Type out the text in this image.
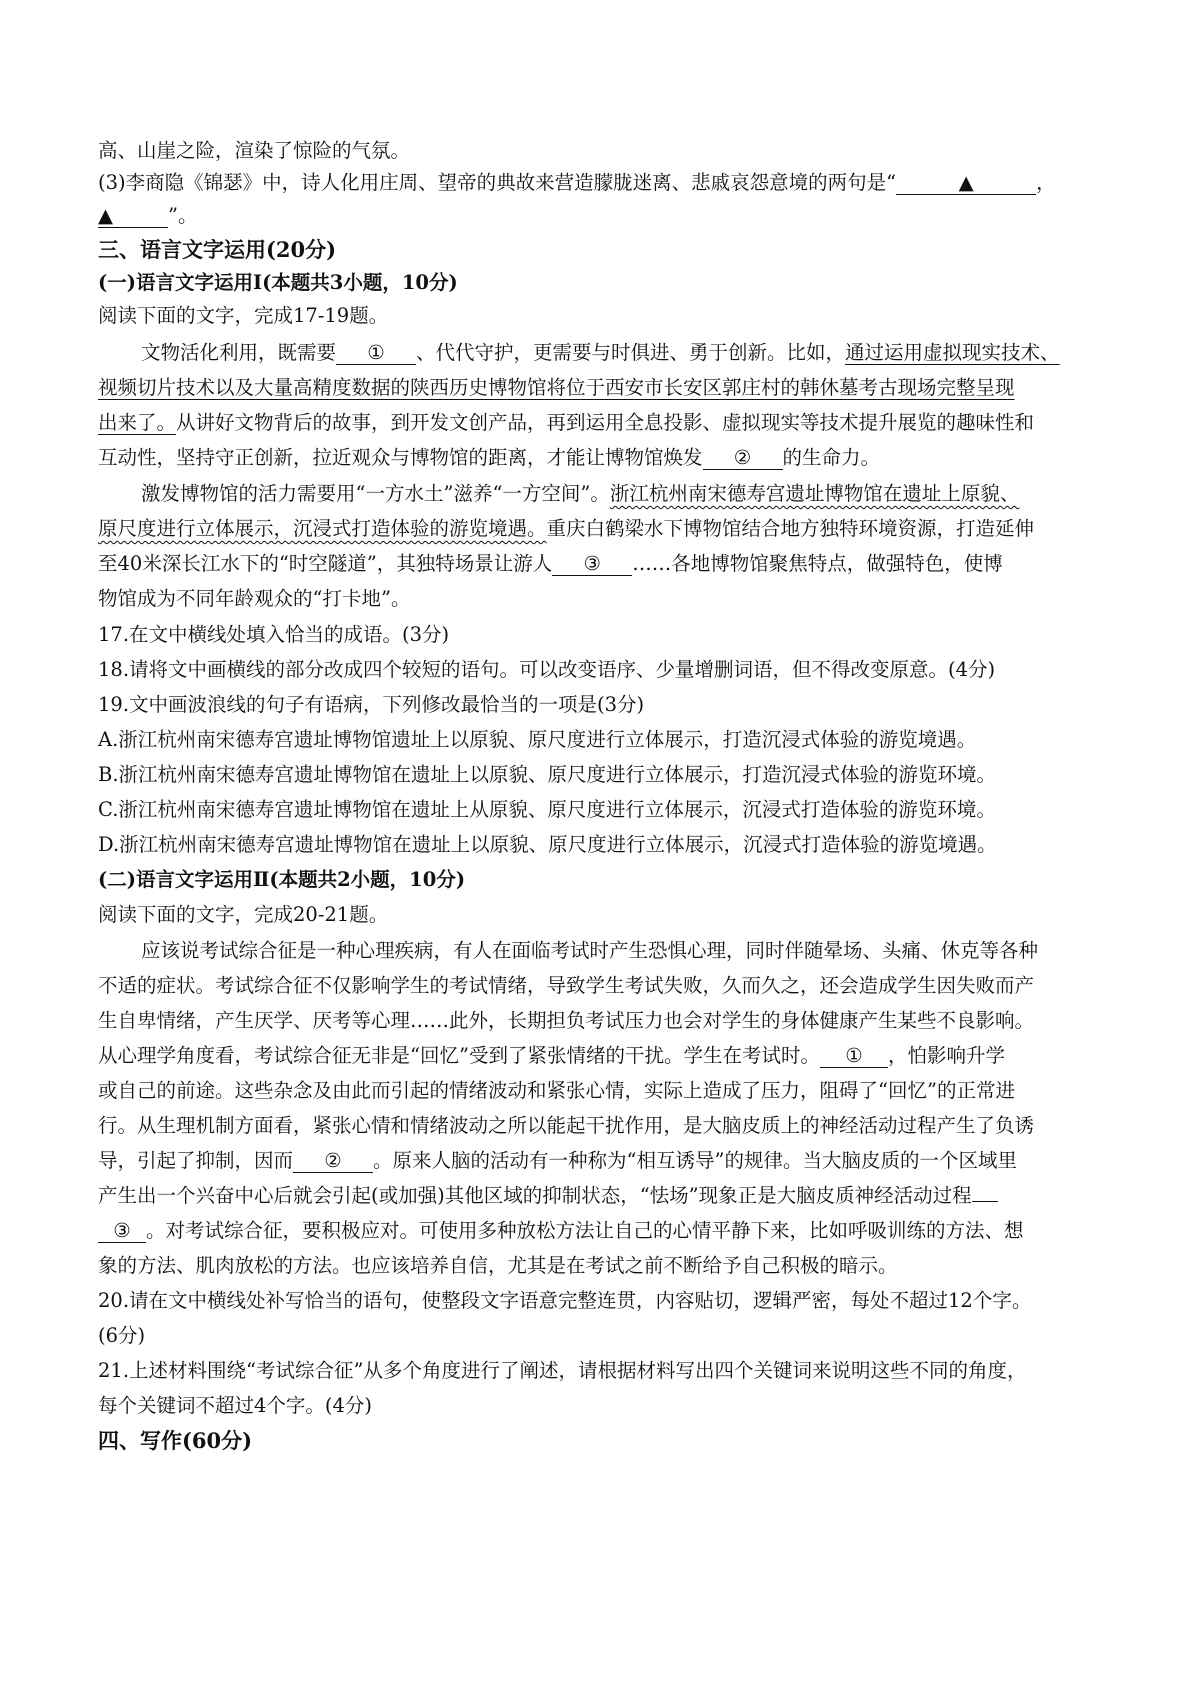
高、山崖之险，渲染了惊险的气氛。
(3)李商隐《锦瑟》中，诗人化用庄周、望帝的典故来营造朦胧迷离、悲戚哀怨意境的两句是“	▲	，
▲	”。
三、语言文字运用(20分)
(一)语言文字运用Ⅰ(本题共3小题，10分)
阅读下面的文字，完成17-19题。
文物活化利用，既需要 ① 、代代守护，更需要与时俱进、勇于创新。比如，通过运用虚拟现实技术、
视频切片技术以及大量高精度数据的陕西历史博物馆将位于西安市长安区郭庄村的韩休墓考古现场完整呈现
出来了。从讲好文物背后的故事，到开发文创产品，再到运用全息投影、虚拟现实等技术提升展览的趣味性和
互动性，坚持守正创新，拉近观众与博物馆的距离，才能让博物馆焕发 ② 的生命力。
激发博物馆的活力需要用“一方水土”滋养“一方空间”。浙江杭州南宋德寿宫遗址博物馆在遗址上原貌、
原尺度进行立体展示，沉浸式打造体验的游览境遇。重庆白鹤梁水下博物馆结合地方独特环境资源，打造延伸
至40米深长江水下的“时空隧道”，其独特场景让游人 ③ ……各地博物馆聚焦特点，做强特色，使博
物馆成为不同年龄观众的“打卡地”。
17.在文中横线处填入恰当的成语。(3分)
18.请将文中画横线的部分改成四个较短的语句。可以改变语序、少量增删词语，但不得改变原意。(4分)
19.文中画波浪线的句子有语病，下列修改最恰当的一项是(3分)
A.浙江杭州南宋德寿宫遗址博物馆遗址上以原貌、原尺度进行立体展示，打造沉浸式体验的游览境遇。
B.浙江杭州南宋德寿宫遗址博物馆在遗址上以原貌、原尺度进行立体展示，打造沉浸式体验的游览环境。
C.浙江杭州南宋德寿宫遗址博物馆在遗址上从原貌、原尺度进行立体展示，沉浸式打造体验的游览环境。
D.浙江杭州南宋德寿宫遗址博物馆在遗址上以原貌、原尺度进行立体展示，沉浸式打造体验的游览境遇。
(二)语言文字运用Ⅱ(本题共2小题，10分)
阅读下面的文字，完成20-21题。
应该说考试综合征是一种心理疾病，有人在面临考试时产生恐惧心理，同时伴随晕场、头痛、休克等各种
不适的症状。考试综合征不仅影响学生的考试情绪，导致学生考试失败，久而久之，还会造成学生因失败而产
生自卑情绪，产生厌学、厌考等心理……此外，长期担负考试压力也会对学生的身体健康产生某些不良影响。
从心理学角度看，考试综合征无非是“回忆”受到了紧张情绪的干扰。学生在考试时。 ① ，怕影响升学
或自己的前途。这些杂念及由此而引起的情绪波动和紧张心情，实际上造成了压力，阻碍了“回忆”的正常进
行。从生理机制方面看，紧张心情和情绪波动之所以能起干扰作用，是大脑皮质上的神经活动过程产生了负诱
导，引起了抑制，因而 ② 。原来人脑的活动有一种称为“相互诱导”的规律。当大脑皮质的一个区域里
产生出一个兴奋中心后就会引起(或加强)其他区域的抑制状态，“怯场”现象正是大脑皮质神经活动过程
③ 。对考试综合征，要积极应对。可使用多种放松方法让自己的心情平静下来，比如呼吸训练的方法、想
象的方法、肌肉放松的方法。也应该培养自信，尤其是在考试之前不断给予自己积极的暗示。
20.请在文中横线处补写恰当的语句，使整段文字语意完整连贯，内容贴切，逻辑严密，每处不超过12个字。
(6分)
21.上述材料围绕“考试综合征”从多个角度进行了阐述，请根据材料写出四个关键词来说明这些不同的角度，
每个关键词不超过4个字。(4分)
四、写作(60分)
